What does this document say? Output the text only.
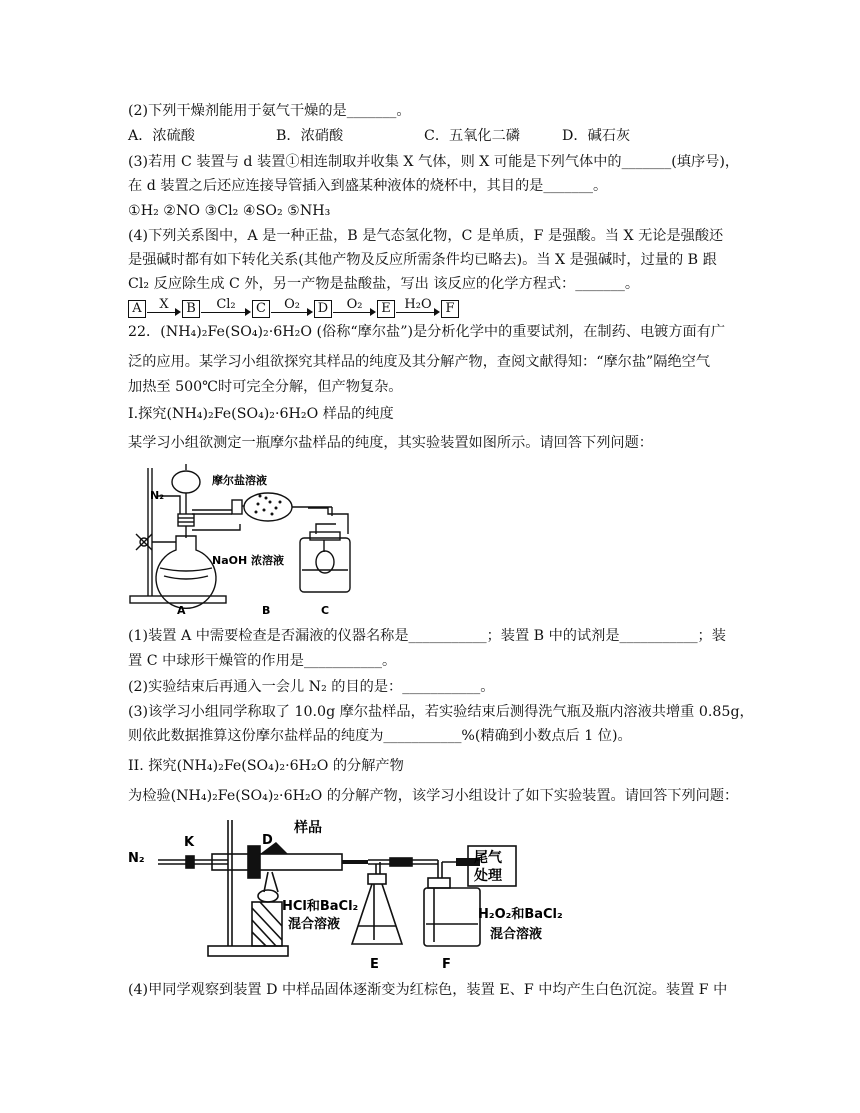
(2)下列干燥剂能用于氨气干燥的是_______。
A．浓硫酸	B．浓硝酸	C．五氧化二磷	D．碱石灰
(3)若用 C 装置与 d 装置①相连制取并收集 X 气体，则 X 可能是下列气体中的_______(填序号)，
在 d 装置之后还应连接导管插入到盛某种液体的烧杯中，其目的是_______。
①H₂ ②NO ③Cl₂ ④SO₂ ⑤NH₃
(4)下列关系图中，A 是一种正盐，B 是气态氢化物，C 是单质，F 是强酸。当 X 无论是强酸还
是强碱时都有如下转化关系(其他产物及反应所需条件均已略去)。当 X 是强碱时，过量的 B 跟
Cl₂ 反应除生成 C 外，另一产物是盐酸盐，写出 该反应的化学方程式：_______。
A	X	B	Cl₂	C	O₂	D	O₂	E	H₂O	F
22．(NH₄)₂Fe(SO₄)₂·6H₂O (俗称“摩尔盐”)是分析化学中的重要试剂，在制药、电镀方面有广
泛的应用。某学习小组欲探究其样品的纯度及其分解产物，查阅文献得知：“摩尔盐”隔绝空气
加热至 500℃时可完全分解，但产物复杂。
I.探究(NH₄)₂Fe(SO₄)₂·6H₂O 样品的纯度
某学习小组欲测定一瓶摩尔盐样品的纯度，其实验装置如图所示。请回答下列问题：
N₂
摩尔盐溶液
NaOH 浓溶液
A	B	C
(1)装置 A 中需要检查是否漏液的仪器名称是___________；装置 B 中的试剂是___________；装
置 C 中球形干燥管的作用是___________。
(2)实验结束后再通入一会儿 N₂ 的目的是：___________。
(3)该学习小组同学称取了 10.0g 摩尔盐样品，若实验结束后测得洗气瓶及瓶内溶液共增重 0.85g，
则依此数据推算这份摩尔盐样品的纯度为___________%(精确到小数点后 1 位)。
II. 探究(NH₄)₂Fe(SO₄)₂·6H₂O 的分解产物
为检验(NH₄)₂Fe(SO₄)₂·6H₂O 的分解产物，该学习小组设计了如下实验装置。请回答下列问题：
N₂
K	D
样品
尾气
处理
HCl和BaCl₂
混合溶液
H₂O₂和BaCl₂
混合溶液
E	F
(4)甲同学观察到装置 D 中样品固体逐渐变为红棕色，装置 E、F 中均产生白色沉淀。装置 F 中
